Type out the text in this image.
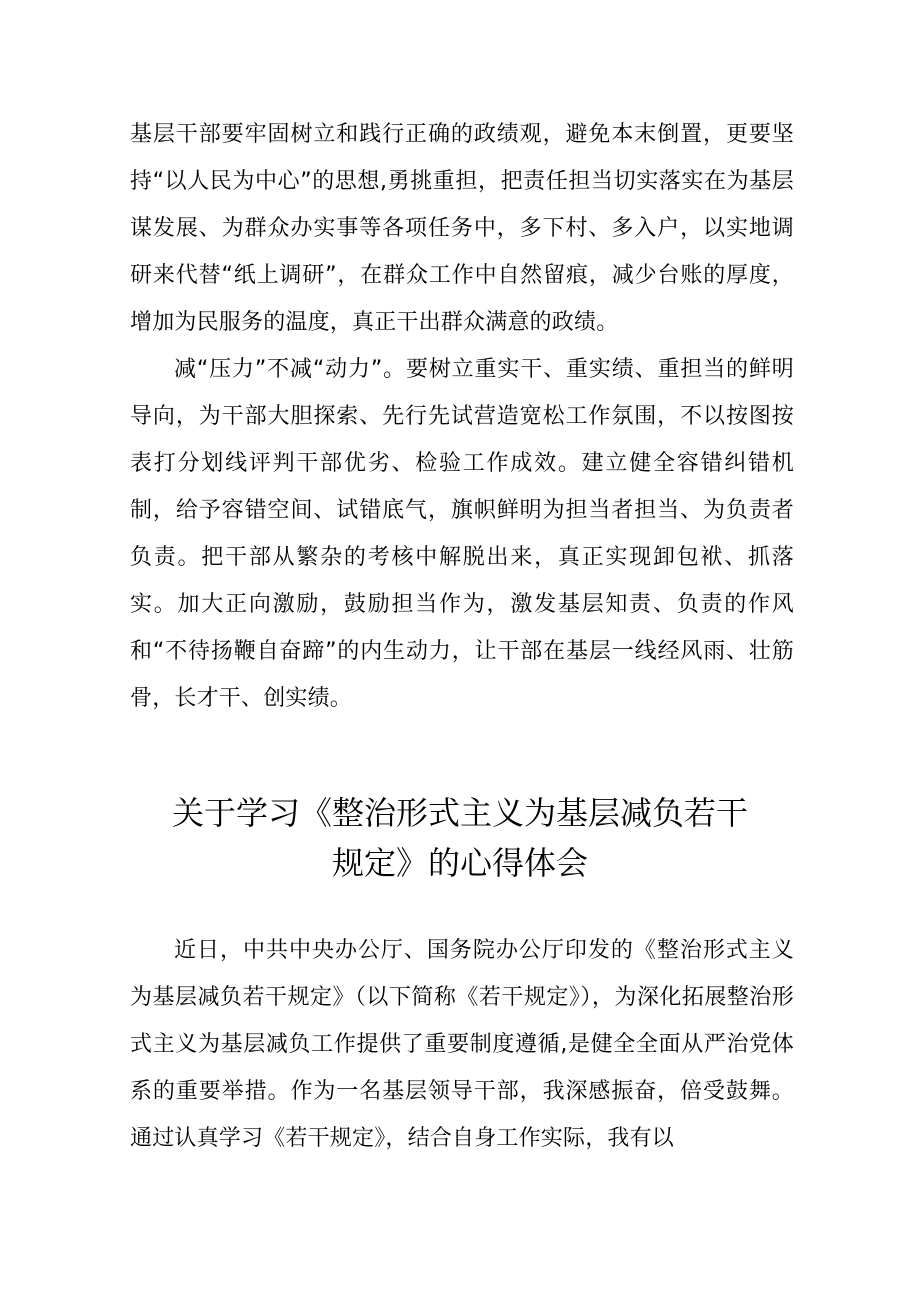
基层干部要牢固树立和践行正确的政绩观，避免本末倒置，更要坚持“以人民为中心”的思想,勇挑重担，把责任担当切实落实在为基层谋发展、为群众办实事等各项任务中，多下村、多入户，以实地调研来代替“纸上调研”，在群众工作中自然留痕，减少台账的厚度，增加为民服务的温度，真正干出群众满意的政绩。

减“压力”不减“动力”。要树立重实干、重实绩、重担当的鲜明导向，为干部大胆探索、先行先试营造宽松工作氛围，不以按图按表打分划线评判干部优劣、检验工作成效。建立健全容错纠错机制，给予容错空间、试错底气，旗帜鲜明为担当者担当、为负责者负责。把干部从繁杂的考核中解脱出来，真正实现卸包袱、抓落实。加大正向激励，鼓励担当作为，激发基层知责、负责的作风和“不待扬鞭自奋蹄”的内生动力，让干部在基层一线经风雨、壮筋骨，长才干、创实绩。

关于学习《整治形式主义为基层减负若干
规定》的心得体会

近日，中共中央办公厅、国务院办公厅印发的《整治形式主义为基层减负若干规定》（以下简称《若干规定》），为深化拓展整治形式主义为基层减负工作提供了重要制度遵循,是健全全面从严治党体系的重要举措。作为一名基层领导干部，我深感振奋，倍受鼓舞。通过认真学习《若干规定》，结合自身工作实际，我有以
